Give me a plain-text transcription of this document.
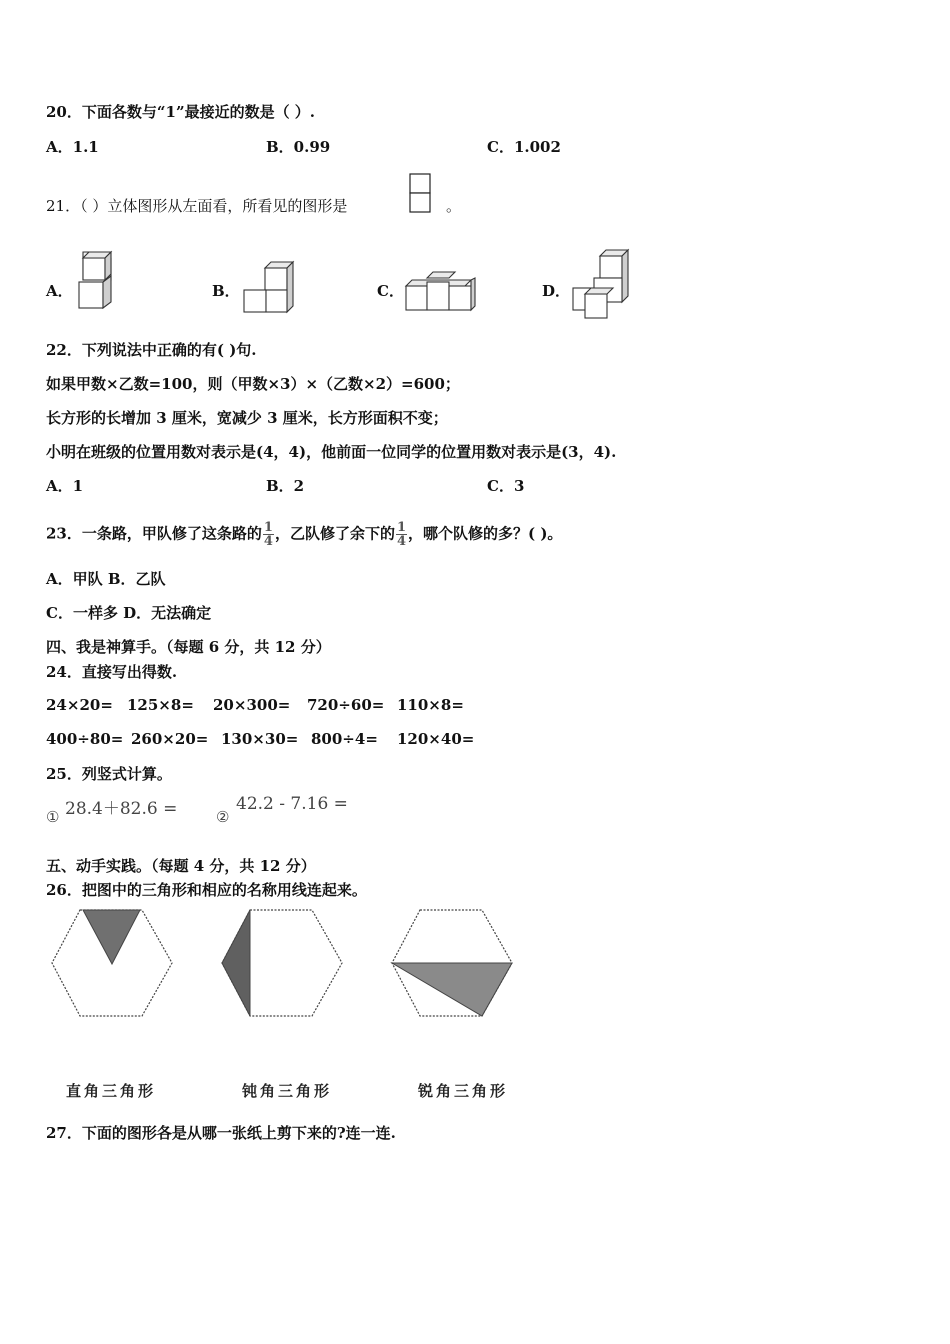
20．下面各数与“1”最接近的数是（ ）.
A．1.1	B．0.99	C．1.002
21．（ ）立体图形从左面看，所看见的图形是	。
A．	B．	C．	D．
22．下列说法中正确的有( )句.
如果甲数×乙数=100，则（甲数×3）×（乙数×2）=600；
长方形的长增加 3 厘米，宽减少 3 厘米，长方形面积不变；
小明在班级的位置用数对表示是(4，4)，他前面一位同学的位置用数对表示是(3，4).
A．1	B．2	C．3
23．一条路，甲队修了这条路的 $\frac{1}{4}$ ，乙队修了余下的 $\frac{1}{4}$ ，哪个队修的多？( )。
A．甲队 B．乙队
C．一样多 D．无法确定
四、我是神算手。（每题 6 分，共 12 分）
24．直接写出得数.
24×20= 125×8= 20×300= 720÷60= 110×8=
400÷80= 260×20= 130×30= 800÷4= 120×40=
25．列竖式计算。
① 28.4＋82.6 =	②
42.2 - 7.16 =
五、动手实践。（每题 4 分，共 12 分）
26．把图中的三角形和相应的名称用线连起来。
直角三角形	钝角三角形	锐角三角形
27．下面的图形各是从哪一张纸上剪下来的?连一连.
